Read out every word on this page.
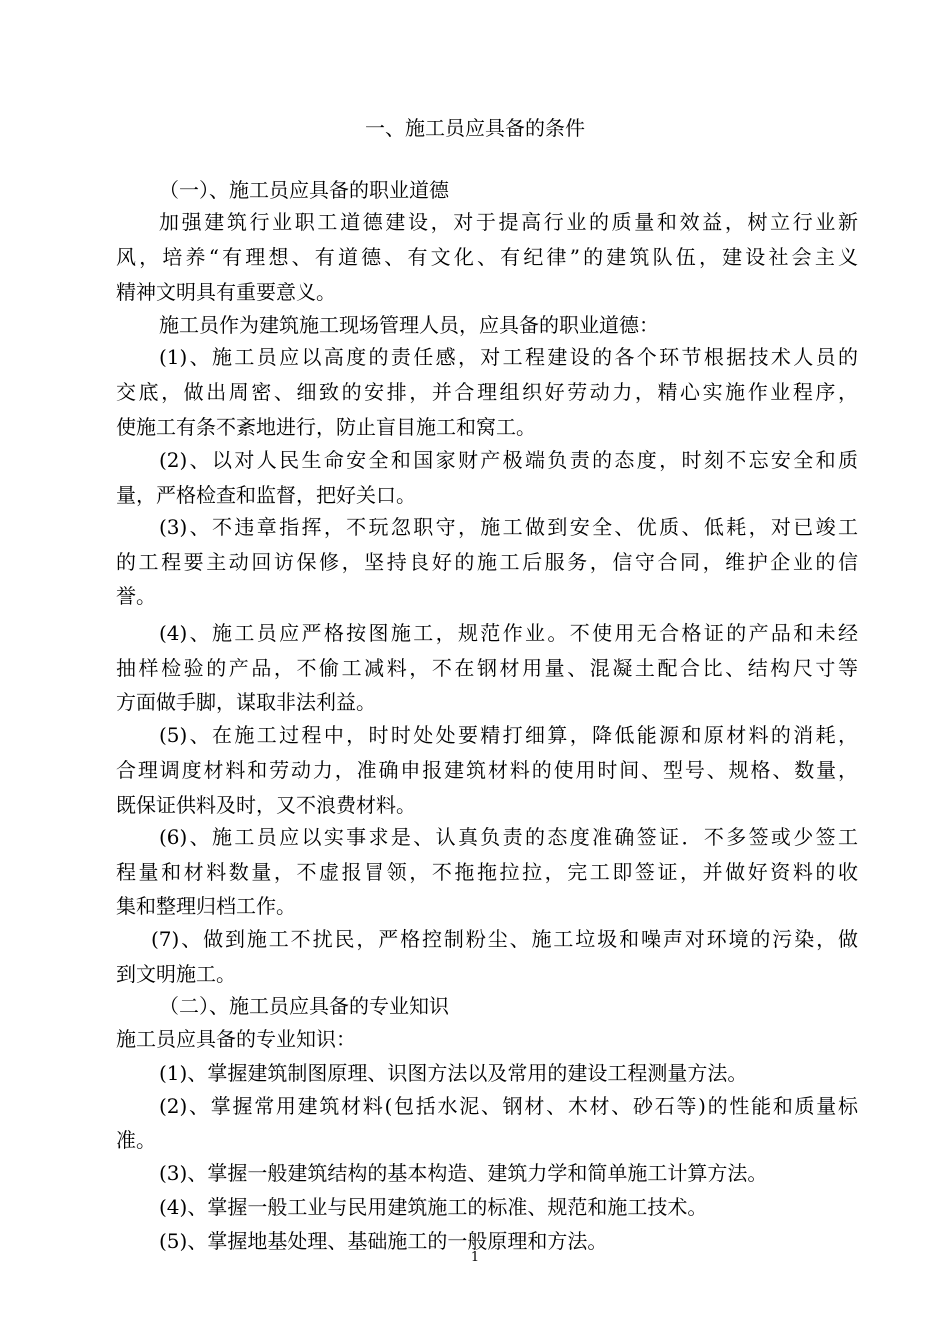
一、施工员应具备的条件
（一）、施工员应具备的职业道德
加强建筑行业职工道德建设，对于提高行业的质量和效益，树立行业新
风，培养“有理想、有道德、有文化、有纪律”的建筑队伍，建设社会主义
精神文明具有重要意义。
施工员作为建筑施工现场管理人员，应具备的职业道德：
(1)、施工员应以高度的责任感，对工程建设的各个环节根据技术人员的
交底，做出周密、细致的安排，并合理组织好劳动力，精心实施作业程序，
使施工有条不紊地进行，防止盲目施工和窝工。
(2)、以对人民生命安全和国家财产极端负责的态度，时刻不忘安全和质
量，严格检查和监督，把好关口。
(3)、不违章指挥，不玩忽职守，施工做到安全、优质、低耗，对已竣工
的工程要主动回访保修，坚持良好的施工后服务，信守合同，维护企业的信
誉。
(4)、施工员应严格按图施工，规范作业。不使用无合格证的产品和未经
抽样检验的产品，不偷工减料，不在钢材用量、混凝土配合比、结构尺寸等
方面做手脚，谋取非法利益。
(5)、在施工过程中，时时处处要精打细算，降低能源和原材料的消耗，
合理调度材料和劳动力，准确申报建筑材料的使用时间、型号、规格、数量，
既保证供料及时，又不浪费材料。
(6)、施工员应以实事求是、认真负责的态度准确签证．不多签或少签工
程量和材料数量，不虚报冒领，不拖拖拉拉，完工即签证，并做好资料的收
集和整理归档工作。
(7)、做到施工不扰民，严格控制粉尘、施工垃圾和噪声对环境的污染，做
到文明施工。
（二）、施工员应具备的专业知识
施工员应具备的专业知识：
(1)、掌握建筑制图原理、识图方法以及常用的建设工程测量方法。
(2)、掌握常用建筑材料(包括水泥、钢材、木材、砂石等)的性能和质量标
准。
(3)、掌握一般建筑结构的基本构造、建筑力学和简单施工计算方法。
(4)、掌握一般工业与民用建筑施工的标准、规范和施工技术。
(5)、掌握地基处理、基础施工的一般原理和方法。
1
